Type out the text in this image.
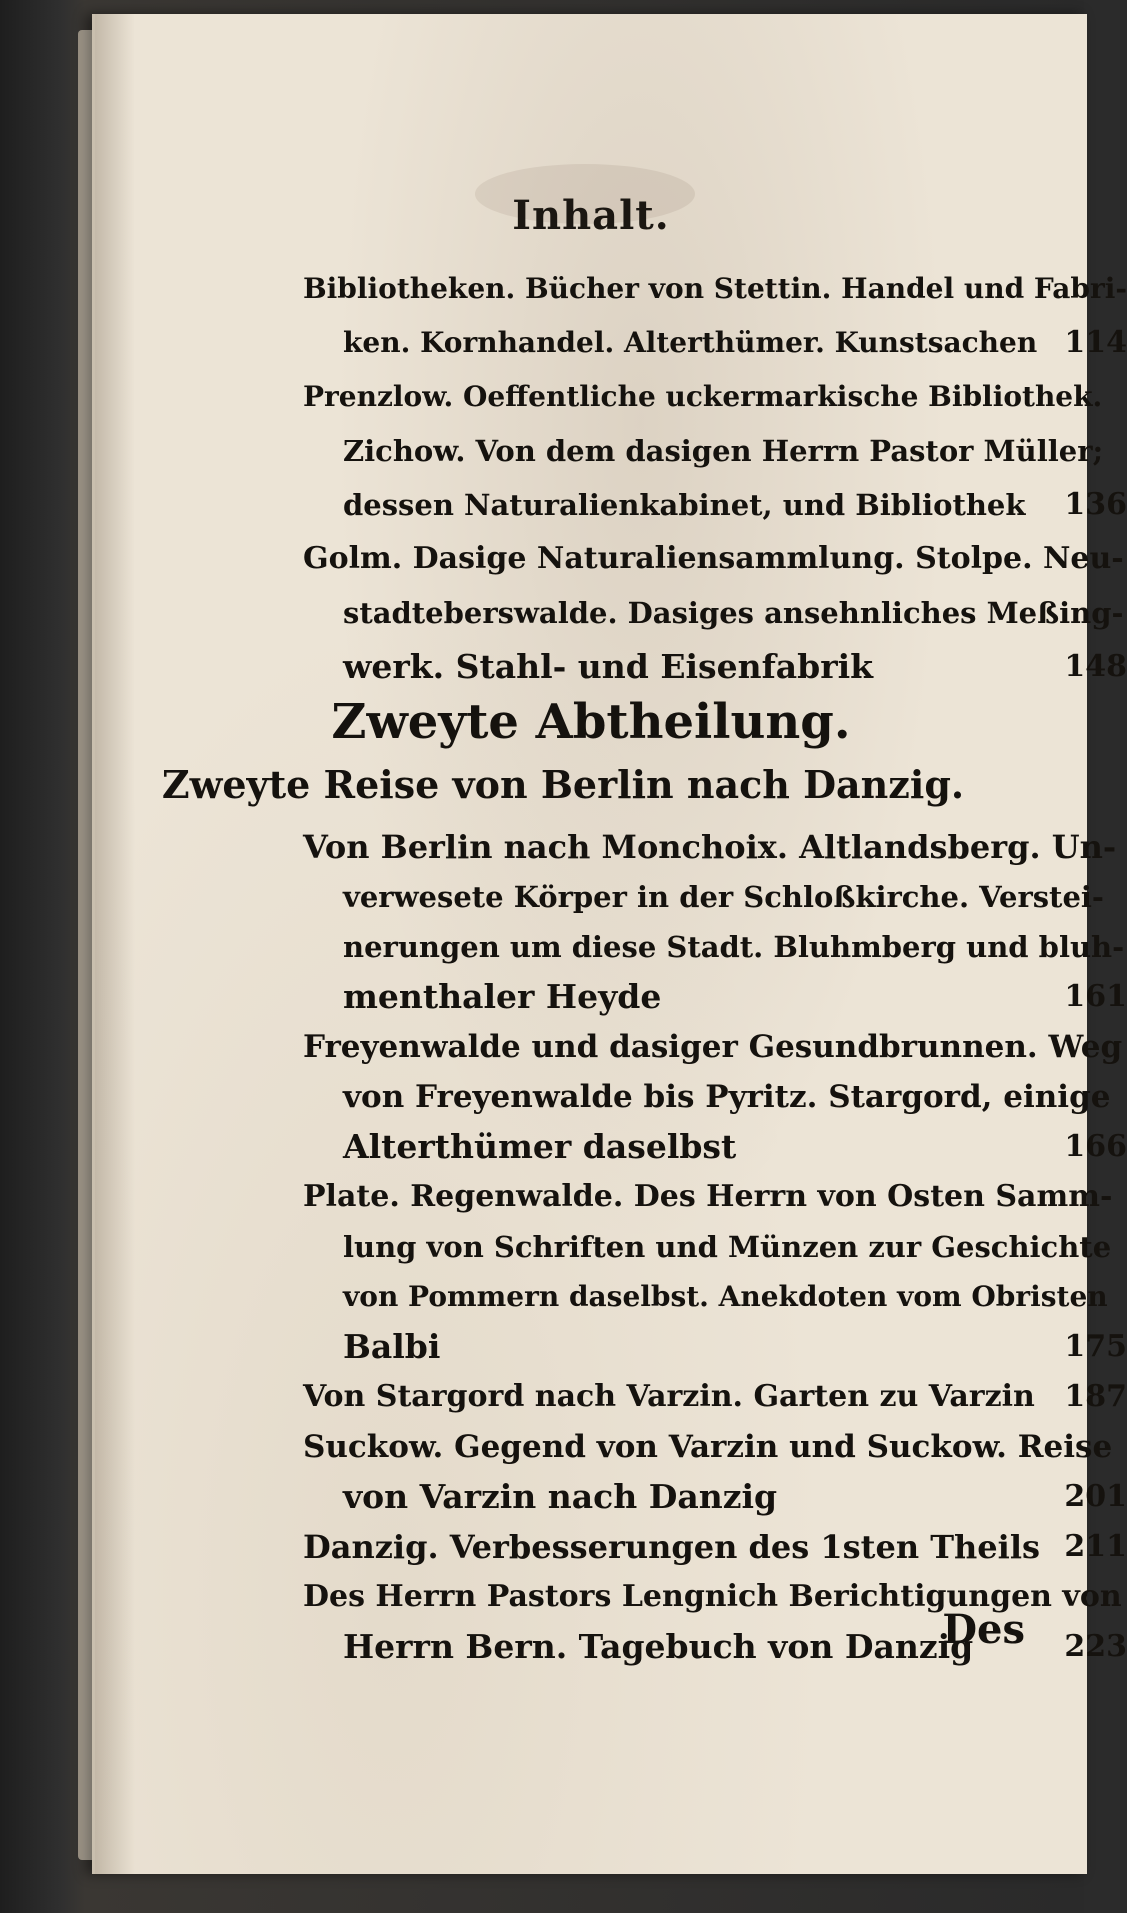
Inhalt.
Bibliotheken. Bücher von Stettin. Handel und Fabri-
ken. Kornhandel. Alterthümer. Kunstsachen 114
Prenzlow. Oeffentliche uckermarkische Bibliothek.
Zichow. Von dem dasigen Herrn Pastor Müller;
dessen Naturalienkabinet, und Bibliothek 136
Golm. Dasige Naturaliensammlung. Stolpe. Neu-
stadteberswalde. Dasiges ansehnliches Meßing-
werk. Stahl- und Eisenfabrik	148
Zweyte Abtheilung.
Zweyte Reise von Berlin nach Danzig.
Von Berlin nach Monchoix. Altlandsberg. Un-
verwesete Körper in der Schloßkirche. Verstei-
nerungen um diese Stadt. Bluhmberg und bluh-
menthaler Heyde	161
Freyenwalde und dasiger Gesundbrunnen. Weg
von Freyenwalde bis Pyritz. Stargord, einige
Alterthümer daselbst	166
Plate. Regenwalde. Des Herrn von Osten Samm-
lung von Schriften und Münzen zur Geschichte
von Pommern daselbst. Anekdoten vom Obristen
Balbi	175
Von Stargord nach Varzin. Garten zu Varzin 187
Suckow. Gegend von Varzin und Suckow. Reise
von Varzin nach Danzig	201
Danzig. Verbesserungen des 1sten Theils 211
Des Herrn Pastors Lengnich Berichtigungen von
Herrn Bern. Tagebuch von Danzig	223
Des
